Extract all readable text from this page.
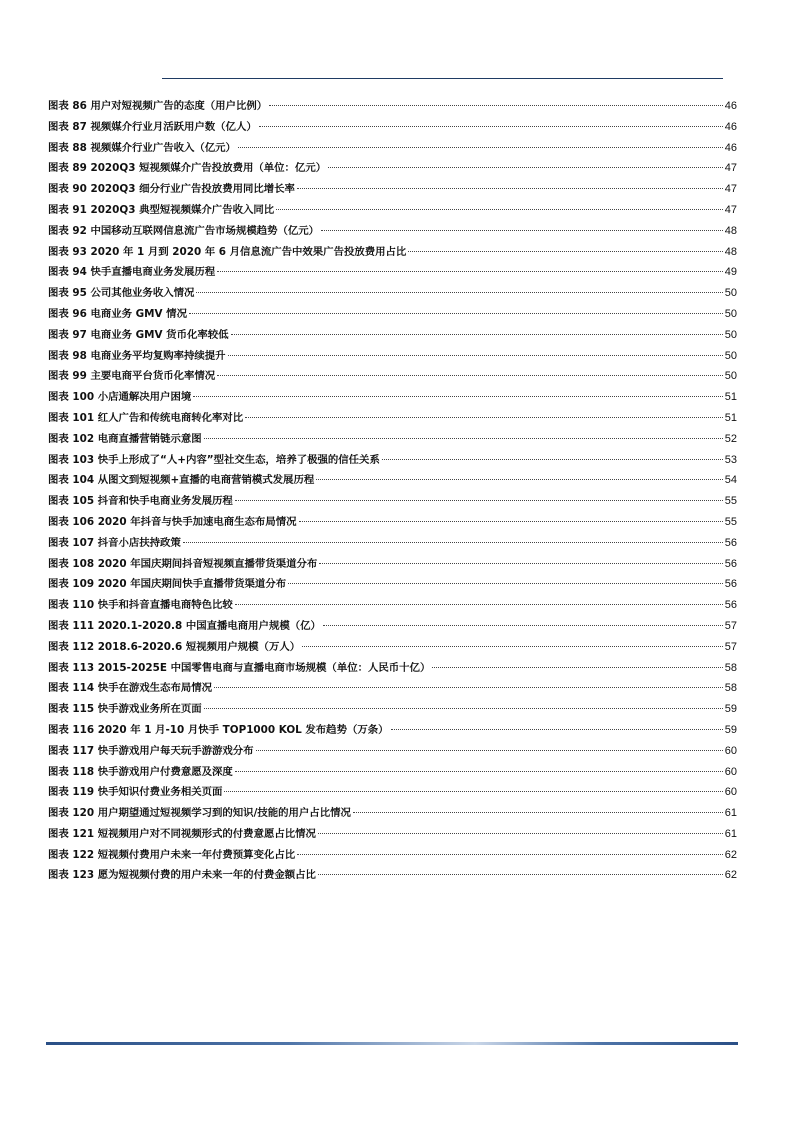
图表 86 用户对短视频广告的态度（用户比例）	46
图表 87 视频媒介行业月活跃用户数（亿人）	46
图表 88 视频媒介行业广告收入（亿元）	46
图表 89 2020Q3 短视频媒介广告投放费用（单位：亿元）	47
图表 90 2020Q3 细分行业广告投放费用同比增长率	47
图表 91 2020Q3 典型短视频媒介广告收入同比	47
图表 92 中国移动互联网信息流广告市场规模趋势（亿元）	48
图表 93 2020 年 1 月到 2020 年 6 月信息流广告中效果广告投放费用占比	48
图表 94 快手直播电商业务发展历程	49
图表 95 公司其他业务收入情况	50
图表 96 电商业务 GMV 情况	50
图表 97 电商业务 GMV 货币化率较低	50
图表 98 电商业务平均复购率持续提升	50
图表 99 主要电商平台货币化率情况	50
图表 100 小店通解决用户困境	51
图表 101 红人广告和传统电商转化率对比	51
图表 102 电商直播营销链示意图	52
图表 103 快手上形成了“人+内容”型社交生态，培养了极强的信任关系	53
图表 104 从图文到短视频+直播的电商营销模式发展历程	54
图表 105 抖音和快手电商业务发展历程	55
图表 106 2020 年抖音与快手加速电商生态布局情况	55
图表 107 抖音小店扶持政策	56
图表 108 2020 年国庆期间抖音短视频直播带货渠道分布	56
图表 109 2020 年国庆期间快手直播带货渠道分布	56
图表 110 快手和抖音直播电商特色比较	56
图表 111 2020.1-2020.8 中国直播电商用户规模（亿）	57
图表 112 2018.6-2020.6 短视频用户规模（万人）	57
图表 113 2015-2025E 中国零售电商与直播电商市场规模（单位：人民币十亿）	58
图表 114 快手在游戏生态布局情况	58
图表 115 快手游戏业务所在页面	59
图表 116 2020 年 1 月-10 月快手 TOP1000 KOL 发布趋势（万条）	59
图表 117 快手游戏用户每天玩手游游戏分布	60
图表 118 快手游戏用户付费意愿及深度	60
图表 119 快手知识付费业务相关页面	60
图表 120 用户期望通过短视频学习到的知识/技能的用户占比情况	61
图表 121 短视频用户对不同视频形式的付费意愿占比情况	61
图表 122 短视频付费用户未来一年付费预算变化占比	62
图表 123 愿为短视频付费的用户未来一年的付费金额占比	62
